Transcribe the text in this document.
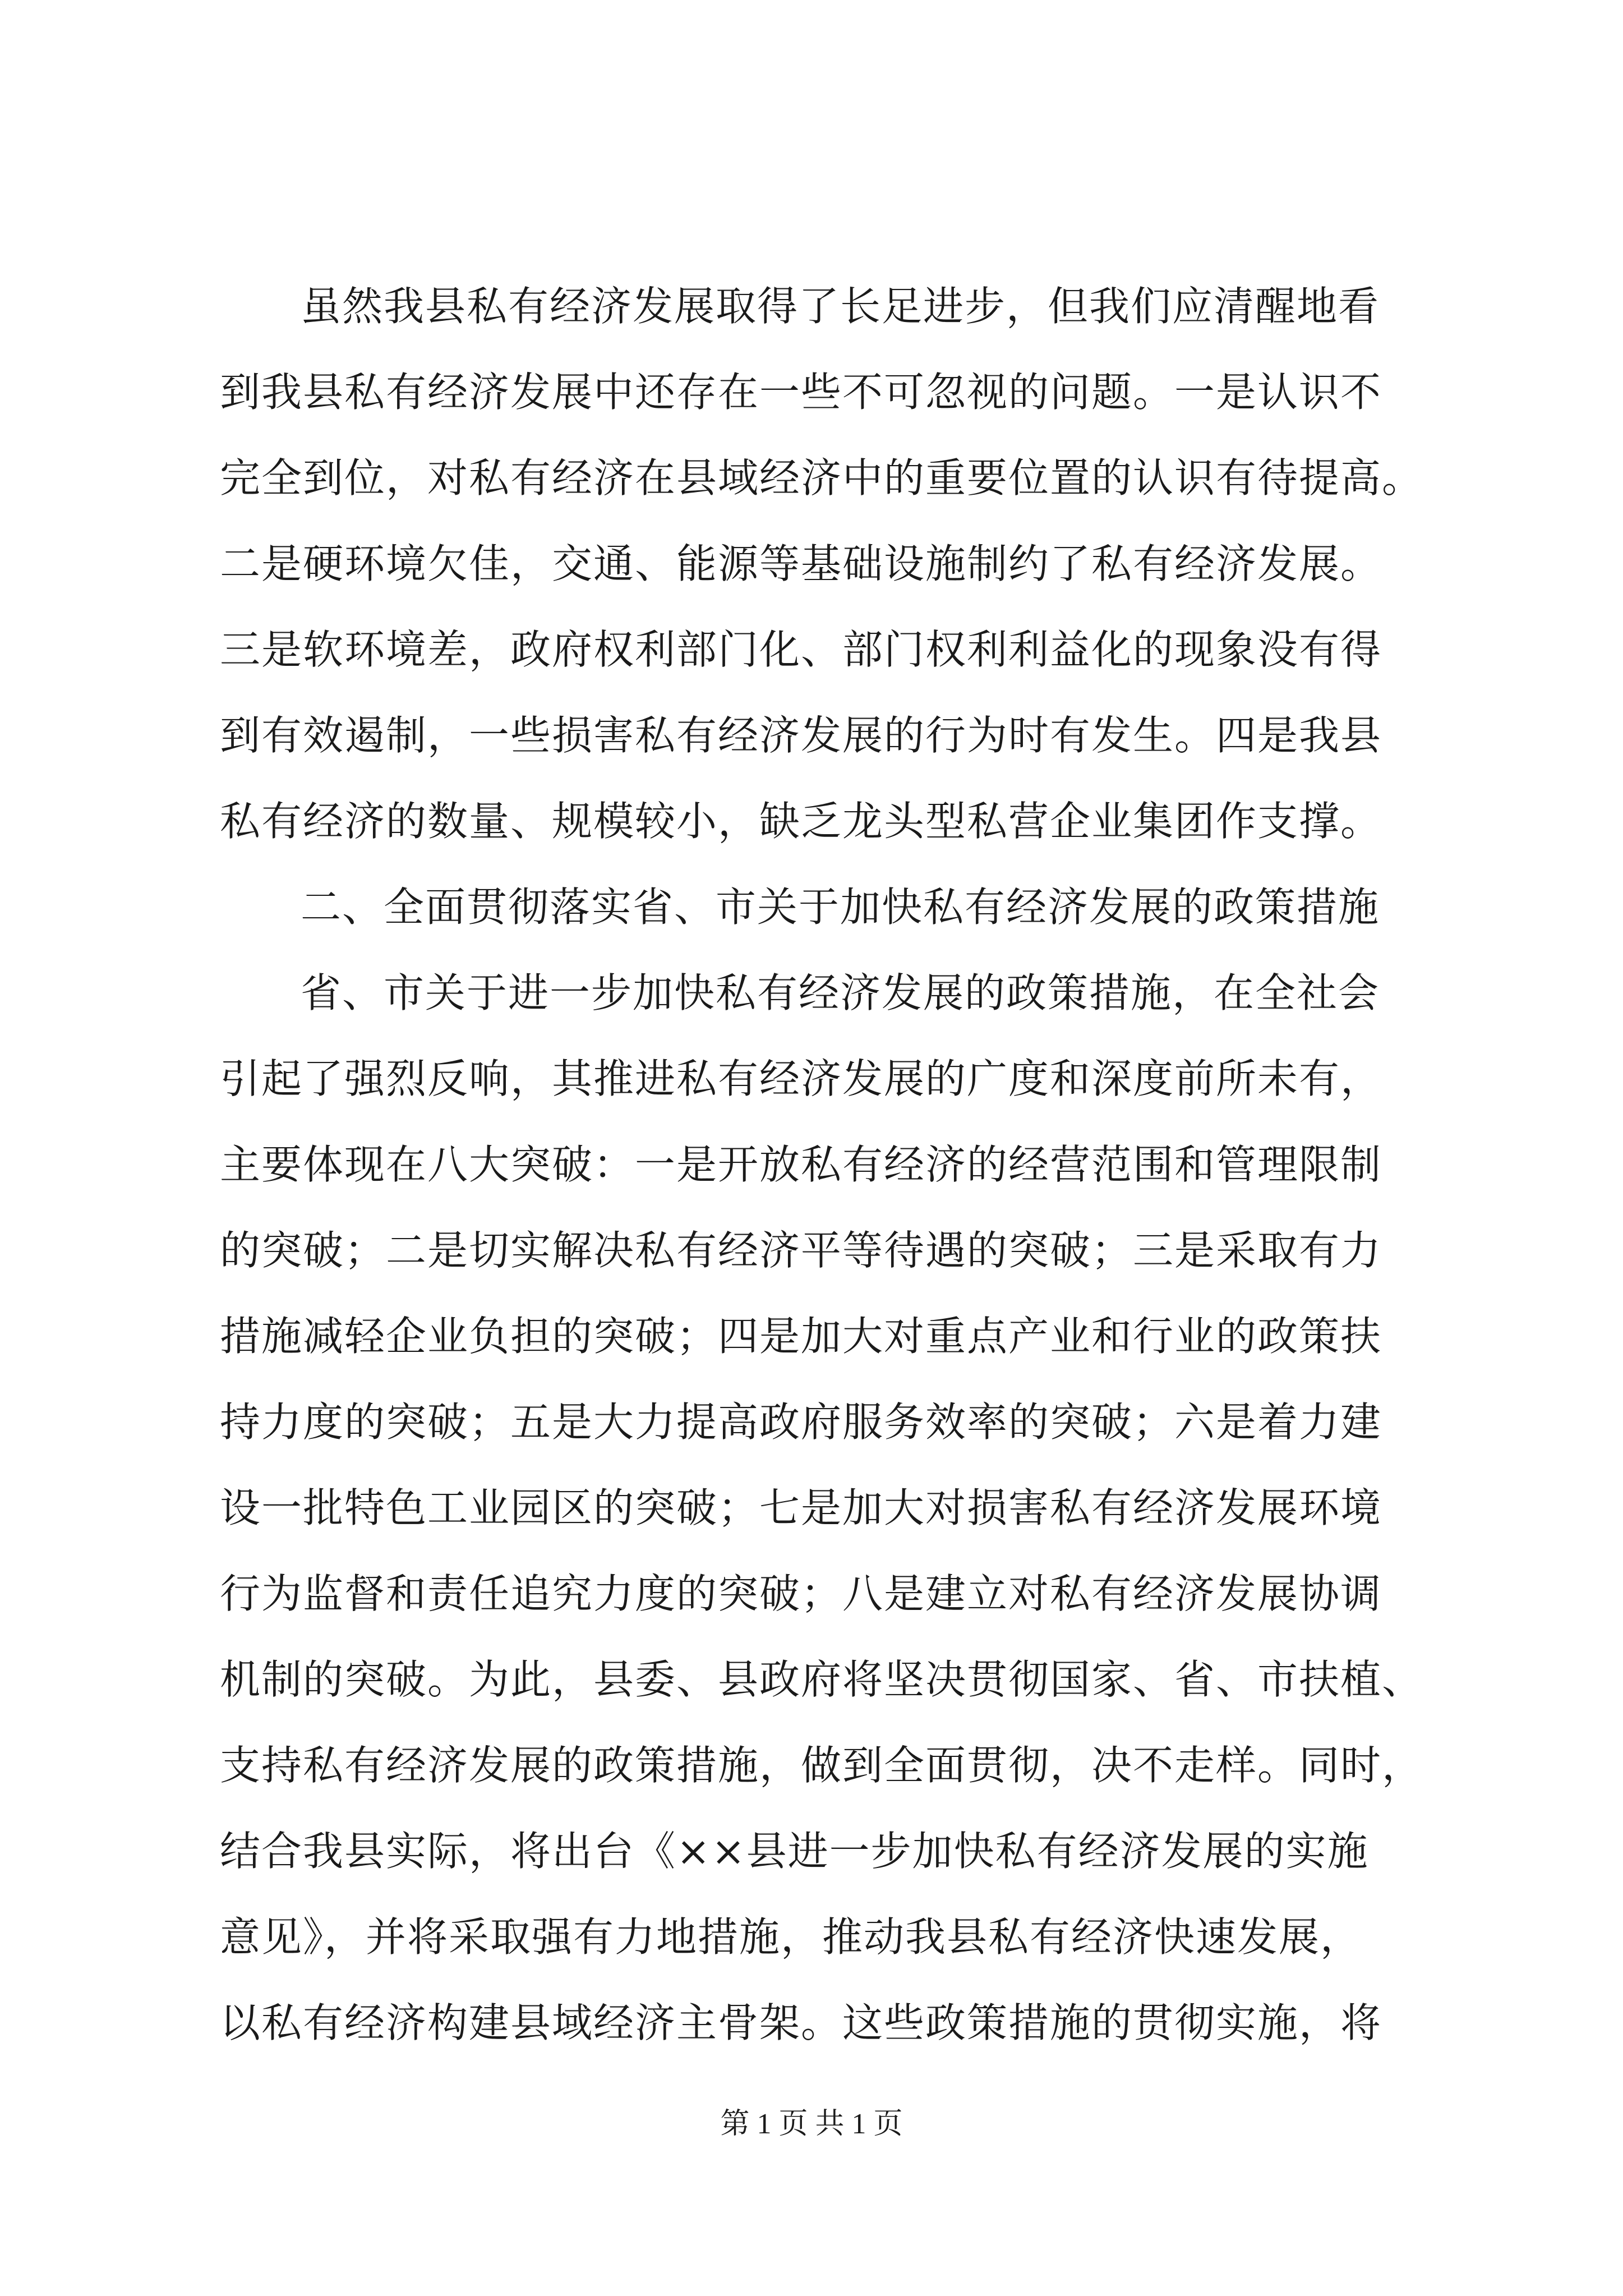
虽然我县私有经济发展取得了长足进步，但我们应清醒地看
到我县私有经济发展中还存在一些不可忽视的问题。一是认识不
完全到位，对私有经济在县域经济中的重要位置的认识有待提高。
二是硬环境欠佳，交通、能源等基础设施制约了私有经济发展。
三是软环境差，政府权利部门化、部门权利利益化的现象没有得
到有效遏制，一些损害私有经济发展的行为时有发生。四是我县
私有经济的数量、规模较小，缺乏龙头型私营企业集团作支撑。
二、全面贯彻落实省、市关于加快私有经济发展的政策措施
省、市关于进一步加快私有经济发展的政策措施，在全社会
引起了强烈反响，其推进私有经济发展的广度和深度前所未有，
主要体现在八大突破：一是开放私有经济的经营范围和管理限制
的突破；二是切实解决私有经济平等待遇的突破；三是采取有力
措施减轻企业负担的突破；四是加大对重点产业和行业的政策扶
持力度的突破；五是大力提高政府服务效率的突破；六是着力建
设一批特色工业园区的突破；七是加大对损害私有经济发展环境
行为监督和责任追究力度的突破；八是建立对私有经济发展协调
机制的突破。为此，县委、县政府将坚决贯彻国家、省、市扶植、
支持私有经济发展的政策措施，做到全面贯彻，决不走样。同时，
结合我县实际，将出台《××县进一步加快私有经济发展的实施
意见》，并将采取强有力地措施，推动我县私有经济快速发展，
以私有经济构建县域经济主骨架。这些政策措施的贯彻实施，将
第 1 页 共 1 页
